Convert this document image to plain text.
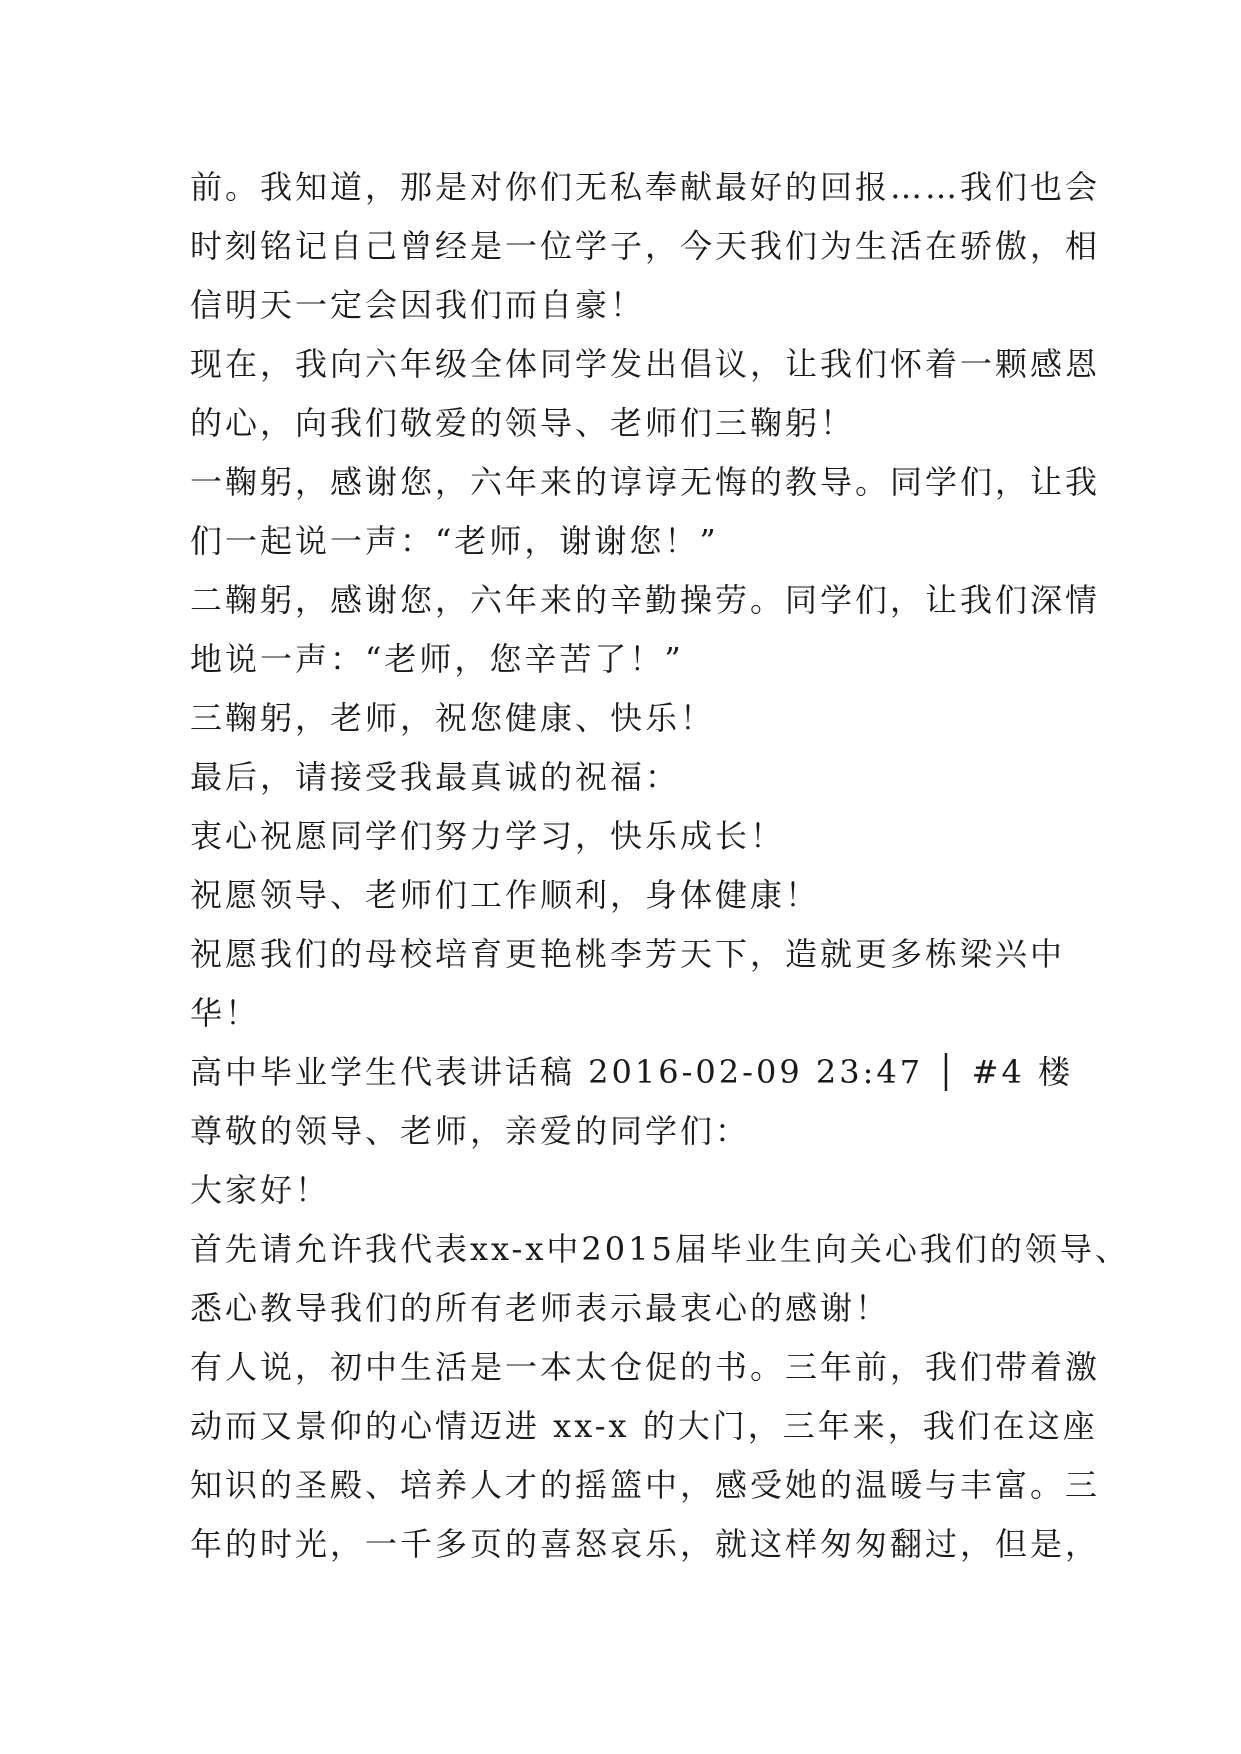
前。我知道，那是对你们无私奉献最好的回报……我们也会
时刻铭记自己曾经是一位学子，今天我们为生活在骄傲，相
信明天一定会因我们而自豪！
现在，我向六年级全体同学发出倡议，让我们怀着一颗感恩
的心，向我们敬爱的领导、老师们三鞠躬！
一鞠躬，感谢您，六年来的谆谆无悔的教导。同学们，让我
们一起说一声：“老师，谢谢您！”
二鞠躬，感谢您，六年来的辛勤操劳。同学们，让我们深情
地说一声：“老师，您辛苦了！”
三鞠躬，老师，祝您健康、快乐！
最后，请接受我最真诚的祝福：
衷心祝愿同学们努力学习，快乐成长！
祝愿领导、老师们工作顺利，身体健康！
祝愿我们的母校培育更艳桃李芳天下，造就更多栋梁兴中
华！
高中毕业学生代表讲话稿 2016-02-09 23:47 │ #4 楼
尊敬的领导、老师，亲爱的同学们：
大家好！
首先请允许我代表xx-x中2015届毕业生向关心我们的领导、
悉心教导我们的所有老师表示最衷心的感谢！
有人说，初中生活是一本太仓促的书。三年前，我们带着激
动而又景仰的心情迈进 xx-x 的大门，三年来，我们在这座
知识的圣殿、培养人才的摇篮中，感受她的温暖与丰富。三
年的时光，一千多页的喜怒哀乐，就这样匆匆翻过，但是，
